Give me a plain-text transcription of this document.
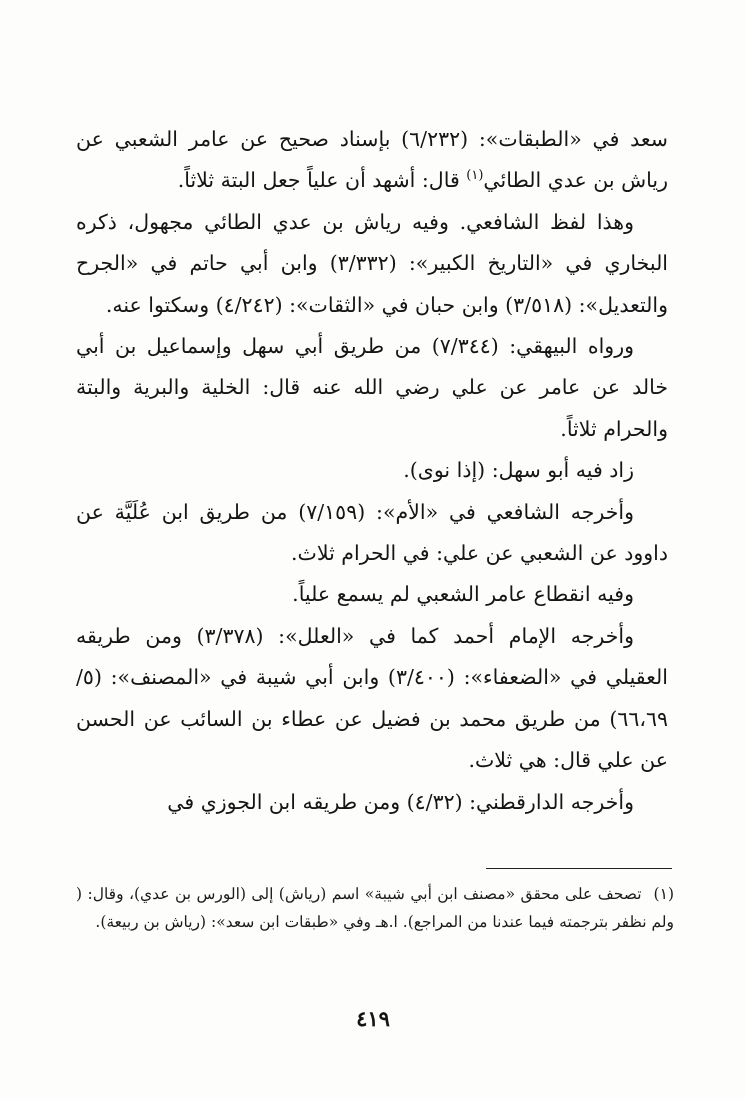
سعد في «الطبقات»: (٦/٢٣٢) بإسناد صحيح عن عامر الشعبي عن رياش بن عدي الطائي$^{(١)}$ قال: أشهد أن علياً جعل البتة ثلاثاً.

وهذا لفظ الشافعي. وفيه رياش بن عدي الطائي مجهول، ذكره البخاري في «التاريخ الكبير»: (٣/٣٣٢) وابن أبي حاتم في «الجرح والتعديل»: (٣/٥١٨) وابن حبان في «الثقات»: (٤/٢٤٢) وسكتوا عنه.

ورواه البيهقي: (٧/٣٤٤) من طريق أبي سهل وإسماعيل بن أبي خالد عن عامر عن علي رضي الله عنه قال: الخلية والبرية والبتة والحرام ثلاثاً.

زاد فيه أبو سهل: (إذا نوى).

وأخرجه الشافعي في «الأم»: (٧/١٥٩) من طريق ابن عُلَيَّة عن داوود عن الشعبي عن علي: في الحرام ثلاث.

وفيه انقطاع عامر الشعبي لم يسمع علياً.

وأخرجه الإمام أحمد كما في «العلل»: (٣/٣٧٨) ومن طريقه العقيلي في «الضعفاء»: (٣/٤٠٠) وابن أبي شيبة في «المصنف»: (٥/ ٦٦،٦٩) من طريق محمد بن فضيل عن عطاء بن السائب عن الحسن عن علي قال: هي ثلاث.

وأخرجه الدارقطني: (٤/٣٢) ومن طريقه ابن الجوزي في

(١)تصحف على محقق «مصنف ابن أبي شيبة» اسم (رياش) إلى (الورس بن عدي)، وقال: ( ولم نظفر بترجمته فيما عندنا من المراجع). ا.هـ وفي «طبقات ابن سعد»: (رياش بن ربيعة).

٤١٩
